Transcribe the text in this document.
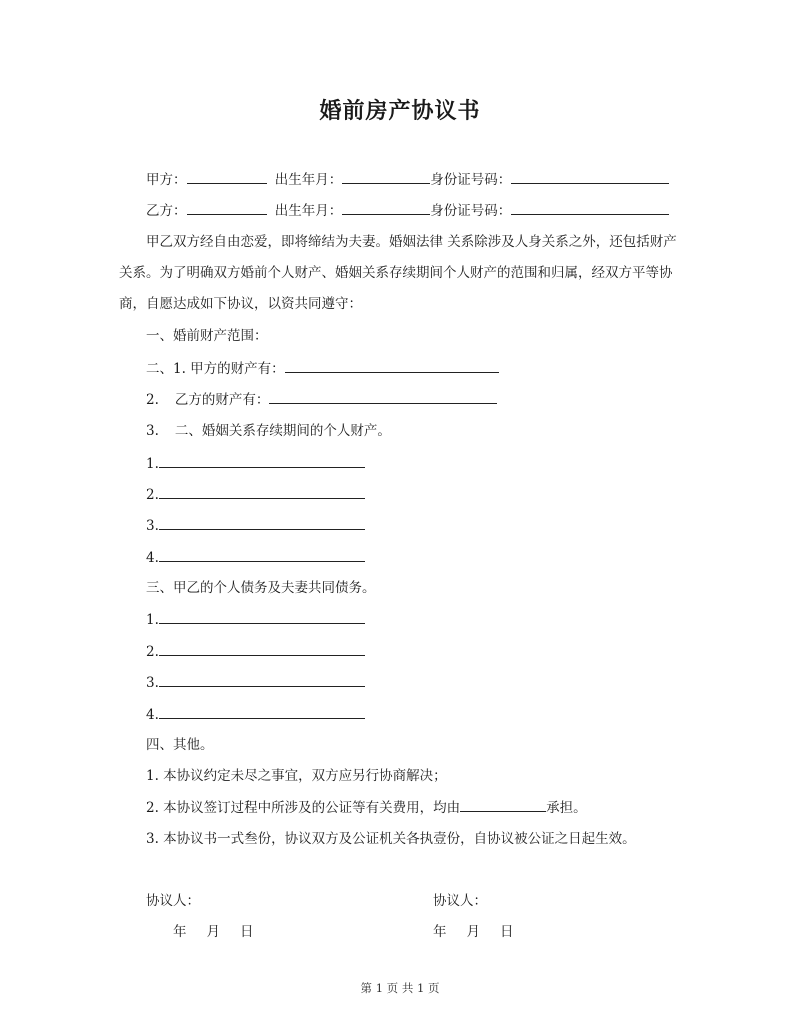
婚前房产协议书
甲方：	出生年月：	身份证号码：
乙方：	出生年月：	身份证号码：
甲乙双方经自由恋爱，即将缔结为夫妻。婚姻法律 关系除涉及人身关系之外，还包括财产
关系。为了明确双方婚前个人财产、婚姻关系存续期间个人财产的范围和归属，经双方平等协
商，自愿达成如下协议，以资共同遵守：
一、婚前财产范围：
二、1. 甲方的财产有：
2. 乙方的财产有：
3. 二、婚姻关系存续期间的个人财产。
1.
2.
3.
4.
三、甲乙的个人债务及夫妻共同债务。
1.
2.
3.
4.
四、其他。
1. 本协议约定未尽之事宜，双方应另行协商解决；
2. 本协议签订过程中所涉及的公证等有关费用，均由	承担。
3. 本协议书一式叁份，协议双方及公证机关各执壹份，自协议被公证之日起生效。
协议人：	协议人：
年 月 日	年 月 日
第 1 页 共 1 页
